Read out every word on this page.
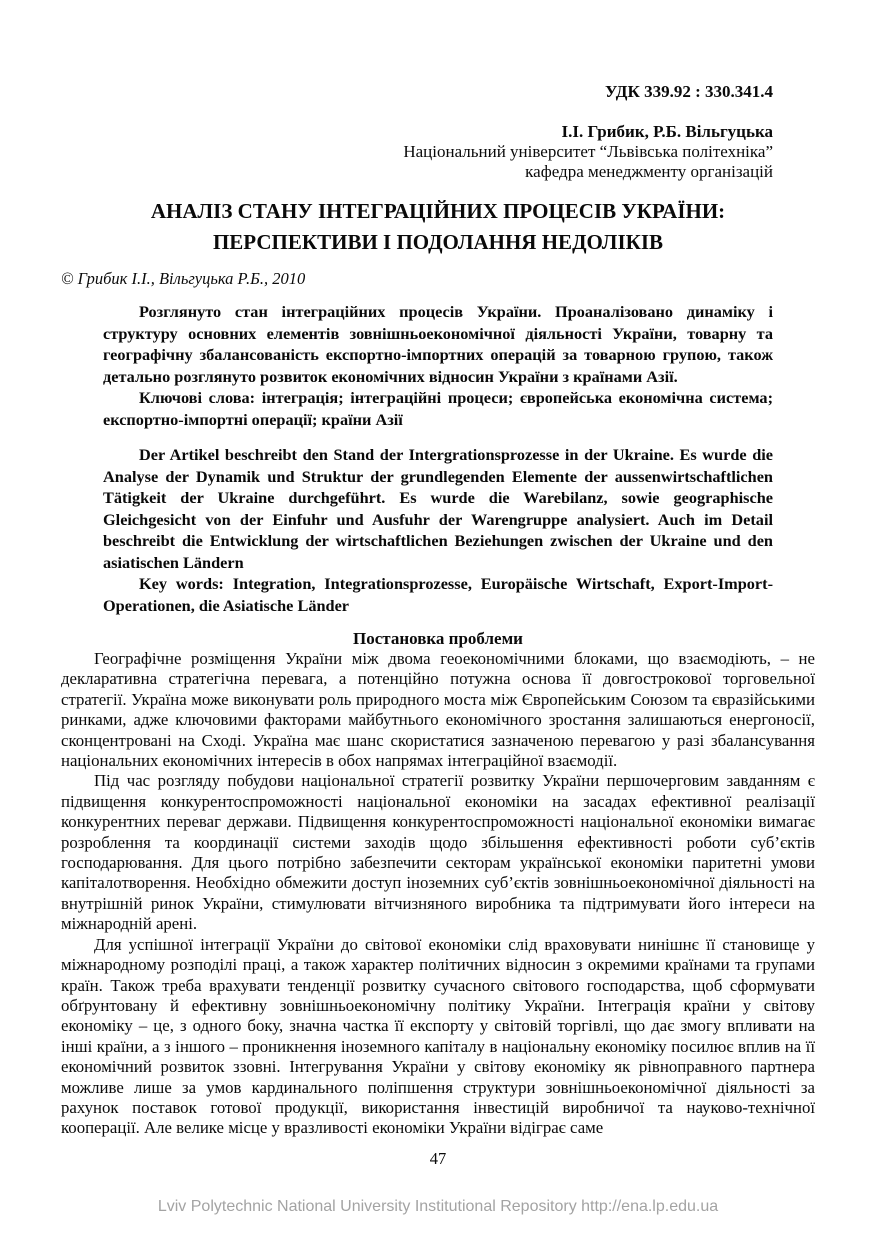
УДК 339.92 : 330.341.4

І.І. Грибик, Р.Б. Вільгуцька

Національний університет “Львівська політехніка”

кафедра менеджменту організацій

АНАЛІЗ СТАНУ ІНТЕГРАЦІЙНИХ ПРОЦЕСІВ УКРАЇНИ:
ПЕРСПЕКТИВИ І ПОДОЛАННЯ НЕДОЛІКІВ

© Грибик І.І., Вільгуцька Р.Б., 2010

Розглянуто стан інтеграційних процесів України. Проаналізовано динаміку і структуру основних елементів зовнішньоекономічної діяльності України, товарну та географічну збалансованість експортно-імпортних операцій за товарною групою, також детально розглянуто розвиток економічних відносин України з країнами Азії.

Ключові слова: інтеграція; інтеграційні процеси; європейська економічна система; експортно-імпортні операції; країни Азії

Der Artikel beschreibt den Stand der Intergrationsprozesse in der Ukraine. Es wurde die Analyse der Dynamik und Struktur der grundlegenden Elemente der aussenwirtschaftlichen Tätigkeit der Ukraine durchgeführt. Es wurde die Warebilanz, sowie geographische Gleichgesicht von der Einfuhr und Ausfuhr der Warengruppe analysiert. Auch im Detail beschreibt die Entwicklung der wirtschaftlichen Beziehungen zwischen der Ukraine und den asiatischen Ländern

Key words: Integration, Integrationsprozesse, Europäische Wirtschaft, Export-Import-Operationen, die Asiatische Länder

Постановка проблеми

Географічне розміщення України між двома геоекономічними блоками, що взаємодіють, – не декларативна стратегічна перевага, а потенційно потужна основа її довгострокової торговельної стратегії. Україна може виконувати роль природного моста між Європейським Союзом та євразійськими ринками, адже ключовими факторами майбутнього економічного зростання залишаються енергоносії, сконцентровані на Сході. Україна має шанс скористатися зазначеною перевагою у разі збалансування національних економічних інтересів в обох напрямах інтеграційної взаємодії.

Під час розгляду побудови національної стратегії розвитку України першочерговим завданням є підвищення конкурентоспроможності національної економіки на засадах ефективної реалізації конкурентних переваг держави. Підвищення конкурентоспроможності національної економіки вимагає розроблення та координації системи заходів щодо збільшення ефективності роботи суб’єктів господарювання. Для цього потрібно забезпечити секторам української економіки паритетні умови капіталотворення. Необхідно обмежити доступ іноземних суб’єктів зовнішньоекономічної діяльності на внутрішній ринок України, стимулювати вітчизняного виробника та підтримувати його інтереси на міжнародній арені.

Для успішної інтеграції України до світової економіки слід враховувати нинішнє її становище у міжнародному розподілі праці, а також характер політичних відносин з окремими країнами та групами країн. Також треба врахувати тенденції розвитку сучасного світового господарства, щоб сформувати обґрунтовану й ефективну зовнішньоекономічну політику України. Інтеграція країни у світову економіку – це, з одного боку, значна частка її експорту у світовій торгівлі, що дає змогу впливати на інші країни, а з іншого – проникнення іноземного капіталу в національну економіку посилює вплив на її економічний розвиток ззовні. Інтегрування України у світову економіку як рівноправного партнера можливе лише за умов кардинального поліпшення структури зовнішньоекономічної діяльності за рахунок поставок готової продукції, використання інвестицій виробничої та науково-технічної кооперації. Але велике місце у вразливості економіки України відіграє саме

47
Lviv Polytechnic National University Institutional Repository http://ena.lp.edu.ua
